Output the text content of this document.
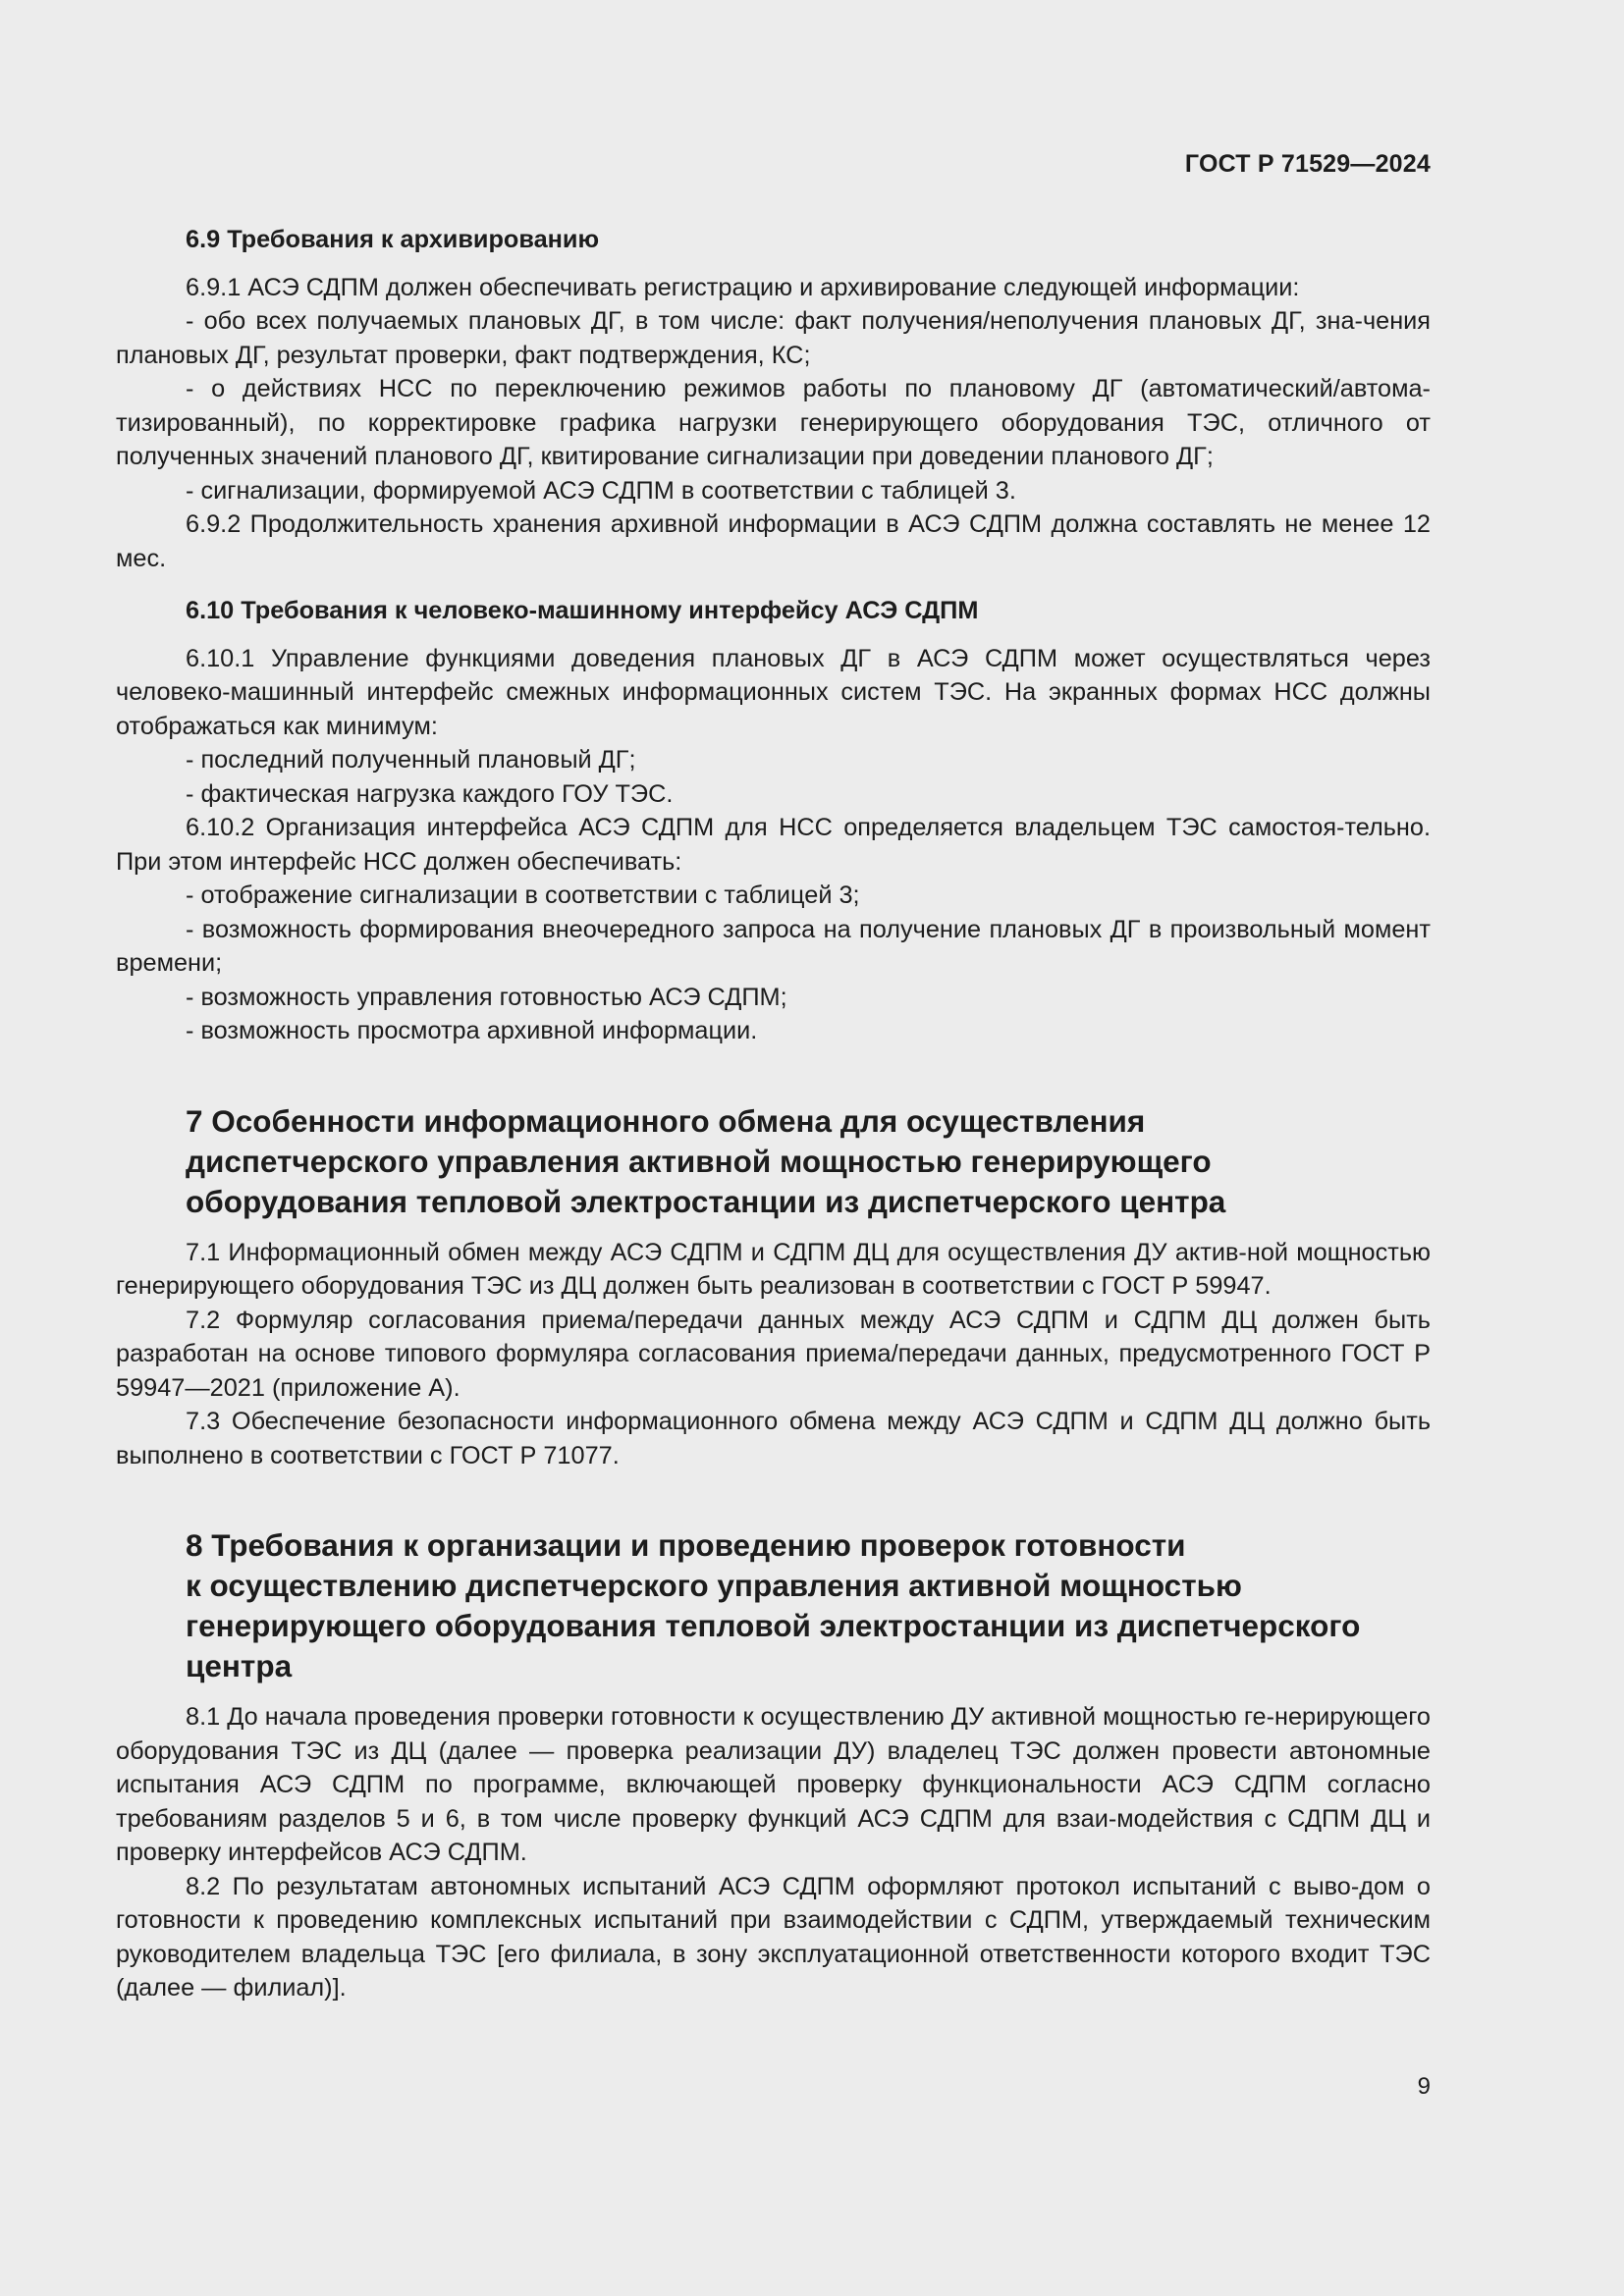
ГОСТ Р 71529—2024
6.9 Требования к архивированию

6.9.1 АСЭ СДПМ должен обеспечивать регистрацию и архивирование следующей информации:

- обо всех получаемых плановых ДГ, в том числе: факт получения/неполучения плановых ДГ, зна-чения плановых ДГ, результат проверки, факт подтверждения, КС;

- о действиях НСС по переключению режимов работы по плановому ДГ (автоматический/автома-тизированный), по корректировке графика нагрузки генерирующего оборудования ТЭС, отличного от полученных значений планового ДГ, квитирование сигнализации при доведении планового ДГ;

- сигнализации, формируемой АСЭ СДПМ в соответствии с таблицей 3.

6.9.2 Продолжительность хранения архивной информации в АСЭ СДПМ должна составлять не менее 12 мес.

6.10 Требования к человеко-машинному интерфейсу АСЭ СДПМ

6.10.1 Управление функциями доведения плановых ДГ в АСЭ СДПМ может осуществляться через человеко-машинный интерфейс смежных информационных систем ТЭС. На экранных формах НСС должны отображаться как минимум:

- последний полученный плановый ДГ;

- фактическая нагрузка каждого ГОУ ТЭС.

6.10.2 Организация интерфейса АСЭ СДПМ для НСС определяется владельцем ТЭС самостоя-тельно. При этом интерфейс НСС должен обеспечивать:

- отображение сигнализации в соответствии с таблицей 3;

- возможность формирования внеочередного запроса на получение плановых ДГ в произвольный момент времени;

- возможность управления готовностью АСЭ СДПМ;

- возможность просмотра архивной информации.

7 Особенности информационного обмена для осуществления
диспетчерского управления активной мощностью генерирующего
оборудования тепловой электростанции из диспетчерского центра

7.1 Информационный обмен между АСЭ СДПМ и СДПМ ДЦ для осуществления ДУ актив-ной мощностью генерирующего оборудования ТЭС из ДЦ должен быть реализован в соответствии с ГОСТ Р 59947.

7.2 Формуляр согласования приема/передачи данных между АСЭ СДПМ и СДПМ ДЦ должен быть разработан на основе типового формуляра согласования приема/передачи данных, предусмотренного ГОСТ Р 59947—2021 (приложение А).

7.3 Обеспечение безопасности информационного обмена между АСЭ СДПМ и СДПМ ДЦ должно быть выполнено в соответствии с ГОСТ Р 71077.

8 Требования к организации и проведению проверок готовности
к осуществлению диспетчерского управления активной мощностью
генерирующего оборудования тепловой электростанции из диспетчерского
центра

8.1 До начала проведения проверки готовности к осуществлению ДУ активной мощностью ге-нерирующего оборудования ТЭС из ДЦ (далее — проверка реализации ДУ) владелец ТЭС должен провести автономные испытания АСЭ СДПМ по программе, включающей проверку функциональности АСЭ СДПМ согласно требованиям разделов 5 и 6, в том числе проверку функций АСЭ СДПМ для взаи-модействия с СДПМ ДЦ и проверку интерфейсов АСЭ СДПМ.

8.2 По результатам автономных испытаний АСЭ СДПМ оформляют протокол испытаний с выво-дом о готовности к проведению комплексных испытаний при взаимодействии с СДПМ, утверждаемый техническим руководителем владельца ТЭС [его филиала, в зону эксплуатационной ответственности которого входит ТЭС (далее — филиал)].

9
